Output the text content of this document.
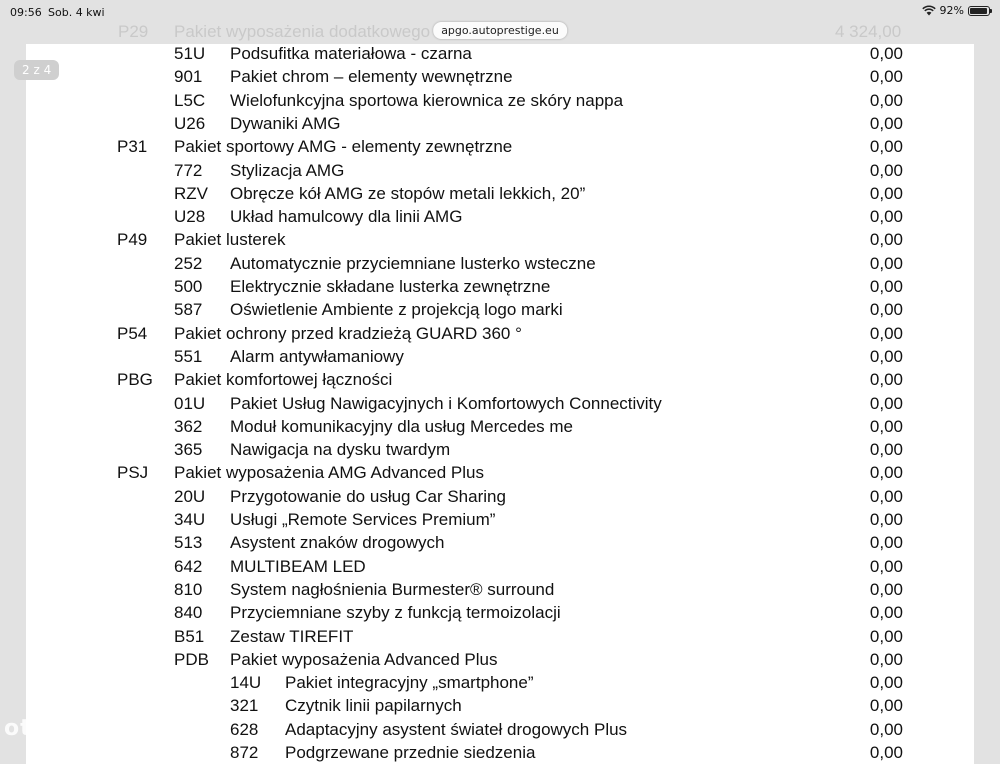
09:56 Sob. 4 kwi	92%
P29 Pakiet wyposażenia dodatkowego	4 324,00
apgo.autoprestige.eu
2 z 4
51U Podsufitka materiałowa - czarna	0,00
901 Pakiet chrom – elementy wewnętrzne	0,00
L5C Wielofunkcyjna sportowa kierownica ze skóry nappa	0,00
U26 Dywaniki AMG	0,00
P31 Pakiet sportowy AMG - elementy zewnętrzne	0,00
772 Stylizacja AMG	0,00
RZV Obręcze kół AMG ze stopów metali lekkich, 20”	0,00
U28 Układ hamulcowy dla linii AMG	0,00
P49 Pakiet lusterek	0,00
252 Automatycznie przyciemniane lusterko wsteczne	0,00
500 Elektrycznie składane lusterka zewnętrzne	0,00
587 Oświetlenie Ambiente z projekcją logo marki	0,00
P54 Pakiet ochrony przed kradzieżą GUARD 360 °	0,00
551 Alarm antywłamaniowy	0,00
PBG Pakiet komfortowej łączności	0,00
01U Pakiet Usług Nawigacyjnych i Komfortowych Connectivity	0,00
362 Moduł komunikacyjny dla usług Mercedes me	0,00
365 Nawigacja na dysku twardym	0,00
PSJ Pakiet wyposażenia AMG Advanced Plus	0,00
20U Przygotowanie do usług Car Sharing	0,00
34U Usługi „Remote Services Premium”	0,00
513 Asystent znaków drogowych	0,00
642 MULTIBEAM LED	0,00
810 System nagłośnienia Burmester® surround	0,00
840 Przyciemniane szyby z funkcją termoizolacji	0,00
B51 Zestaw TIREFIT	0,00
PDB Pakiet wyposażenia Advanced Plus	0,00
14U Pakiet integracyjny „smartphone”	0,00
321 Czytnik linii papilarnych	0,00
628 Adaptacyjny asystent świateł drogowych Plus	0,00
872 Podgrzewane przednie siedzenia	0,00
otomoto
